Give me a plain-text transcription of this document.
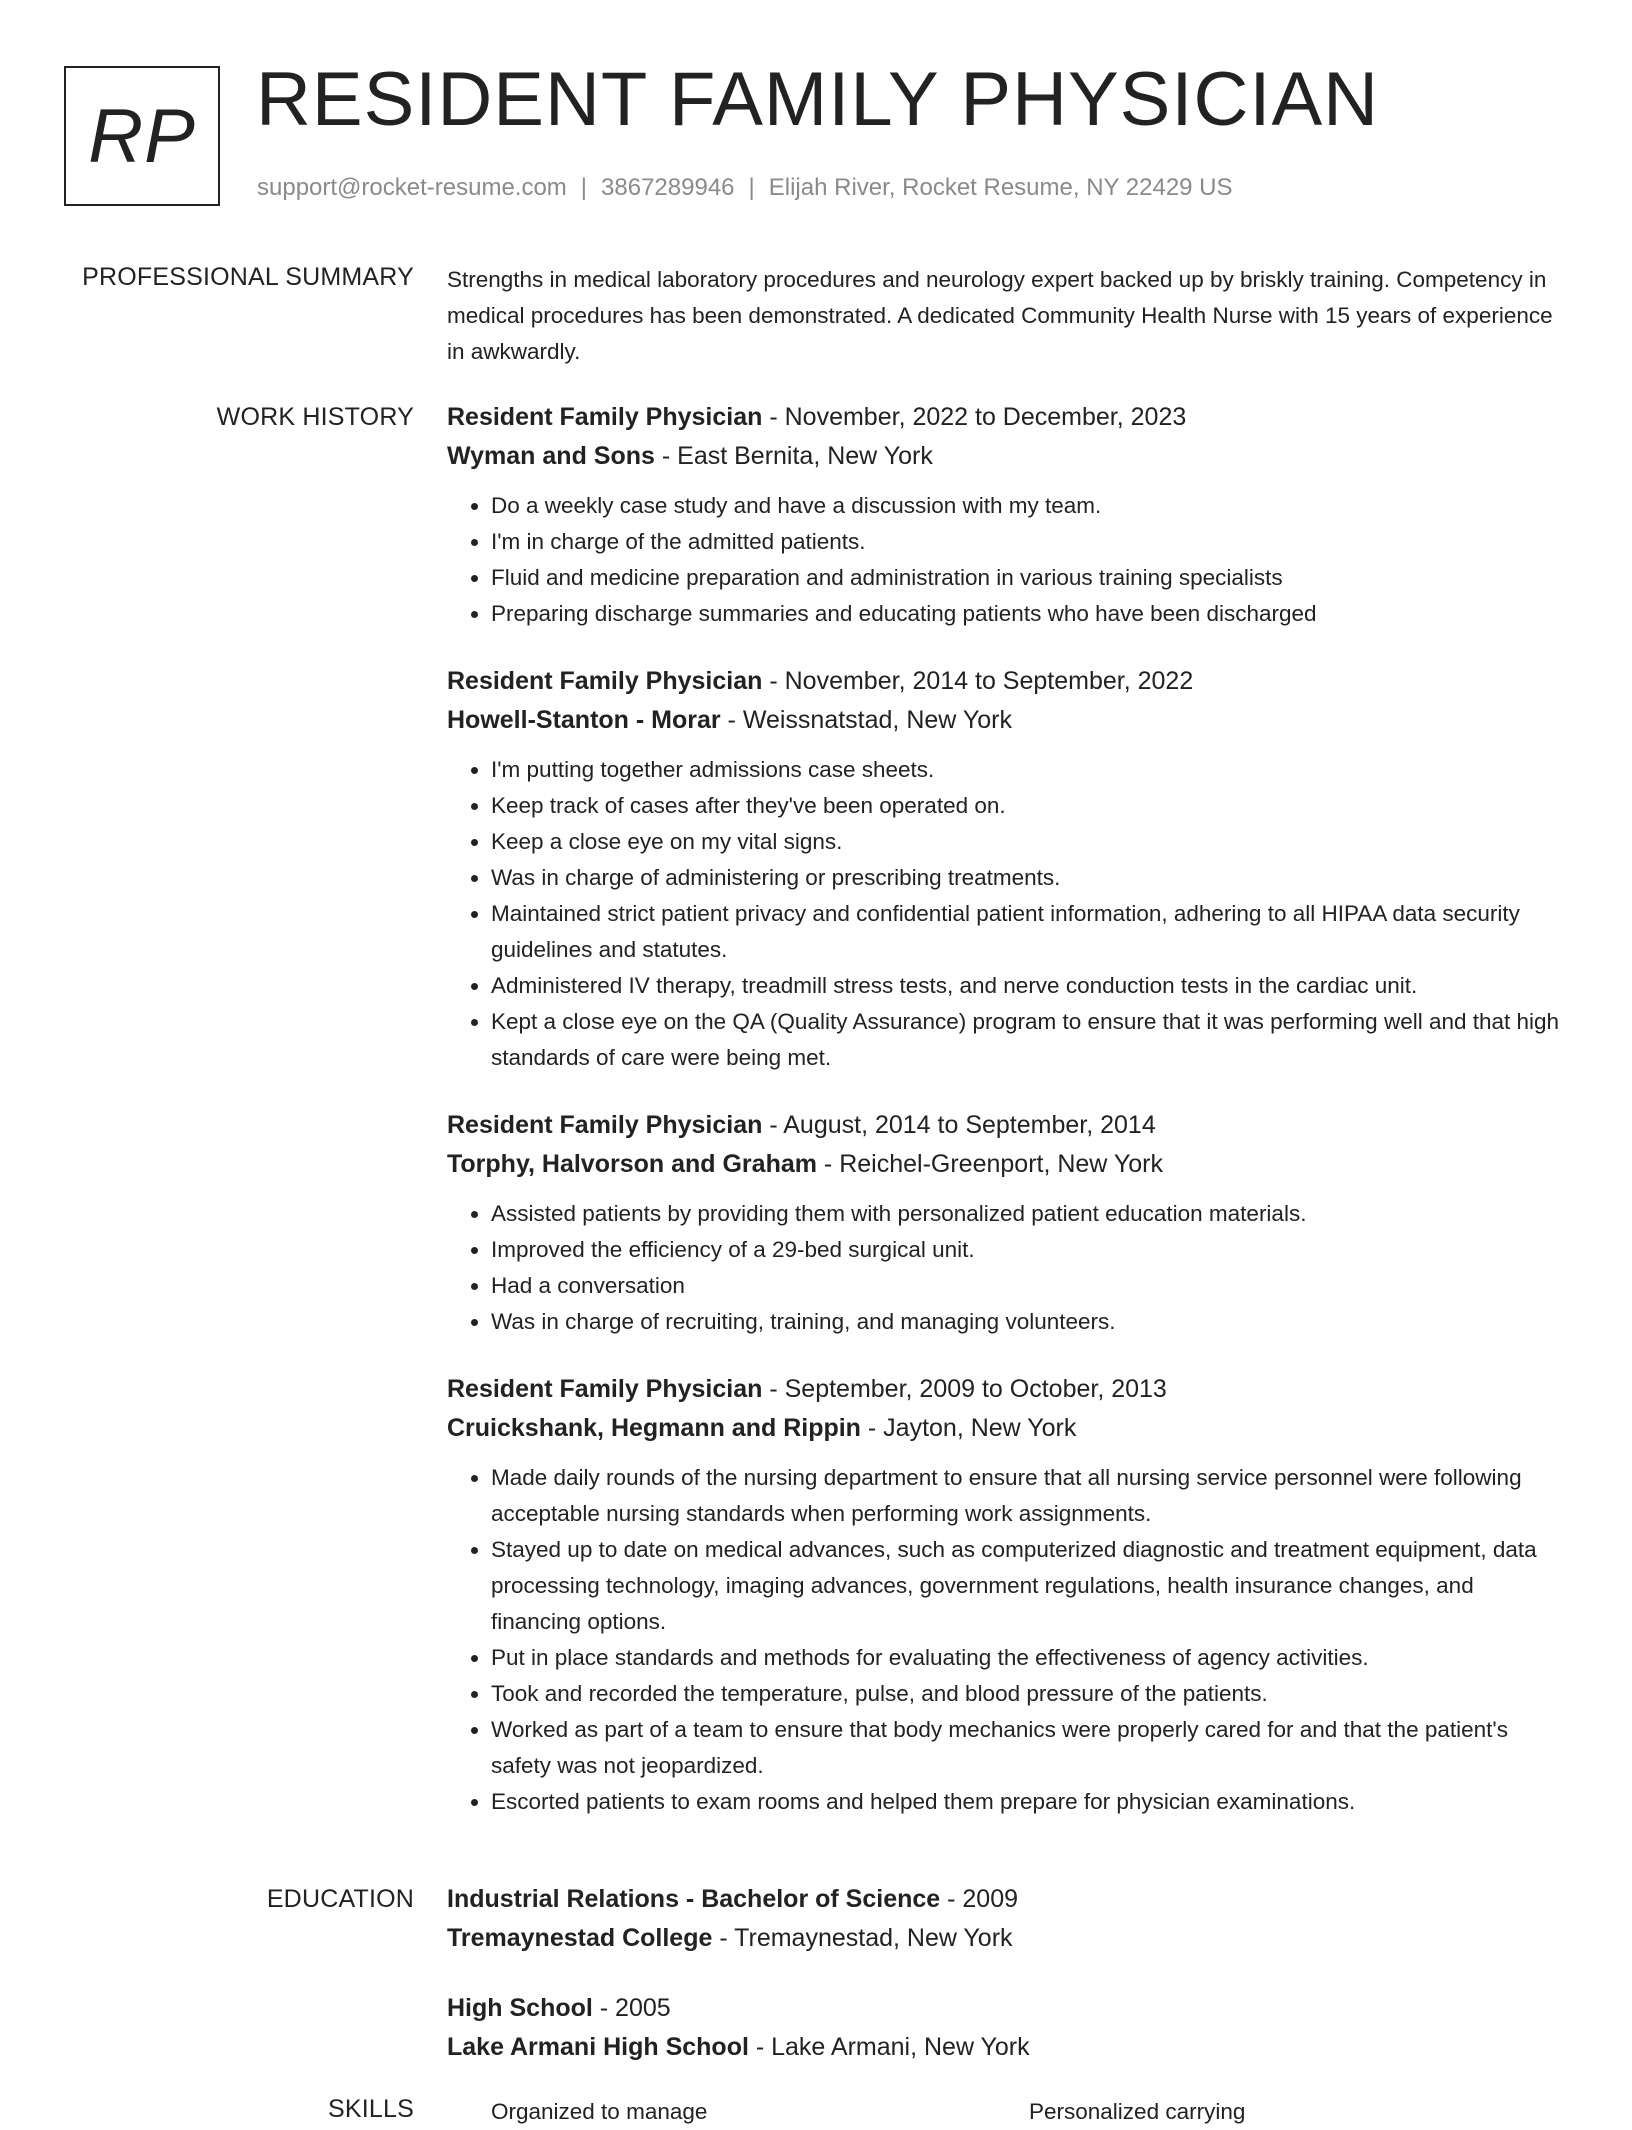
RP RESIDENT FAMILY PHYSICIAN
support@rocket-resume.com | 3867289946 | Elijah River, Rocket Resume, NY 22429 US
PROFESSIONAL SUMMARY Strengths in medical laboratory procedures and neurology expert backed up by briskly training. Competency in medical procedures has been demonstrated. A dedicated Community Health Nurse with 15 years of experience in awkwardly.
WORK HISTORY Resident Family Physician - November, 2022 to December, 2023
Wyman and Sons - East Bernita, New York
• Do a weekly case study and have a discussion with my team.
• I'm in charge of the admitted patients.
• Fluid and medicine preparation and administration in various training specialists
• Preparing discharge summaries and educating patients who have been discharged
Resident Family Physician - November, 2014 to September, 2022
Howell-Stanton - Morar - Weissnatstad, New York
• I'm putting together admissions case sheets.
• Keep track of cases after they've been operated on.
• Keep a close eye on my vital signs.
• Was in charge of administering or prescribing treatments.
• Maintained strict patient privacy and confidential patient information, adhering to all HIPAA data security guidelines and statutes.
• Administered IV therapy, treadmill stress tests, and nerve conduction tests in the cardiac unit.
• Kept a close eye on the QA (Quality Assurance) program to ensure that it was performing well and that high standards of care were being met.
Resident Family Physician - August, 2014 to September, 2014
Torphy, Halvorson and Graham - Reichel-Greenport, New York
• Assisted patients by providing them with personalized patient education materials.
• Improved the efficiency of a 29-bed surgical unit.
• Had a conversation
• Was in charge of recruiting, training, and managing volunteers.
Resident Family Physician - September, 2009 to October, 2013
Cruickshank, Hegmann and Rippin - Jayton, New York
• Made daily rounds of the nursing department to ensure that all nursing service personnel were following acceptable nursing standards when performing work assignments.
• Stayed up to date on medical advances, such as computerized diagnostic and treatment equipment, data processing technology, imaging advances, government regulations, health insurance changes, and financing options.
• Put in place standards and methods for evaluating the effectiveness of agency activities.
• Took and recorded the temperature, pulse, and blood pressure of the patients.
• Worked as part of a team to ensure that body mechanics were properly cared for and that the patient's safety was not jeopardized.
• Escorted patients to exam rooms and helped them prepare for physician examinations.
EDUCATION Industrial Relations - Bachelor of Science - 2009
Tremaynestad College - Tremaynestad, New York
High School - 2005
Lake Armani High School - Lake Armani, New York
SKILLS	Organized to manage	Personalized carrying
